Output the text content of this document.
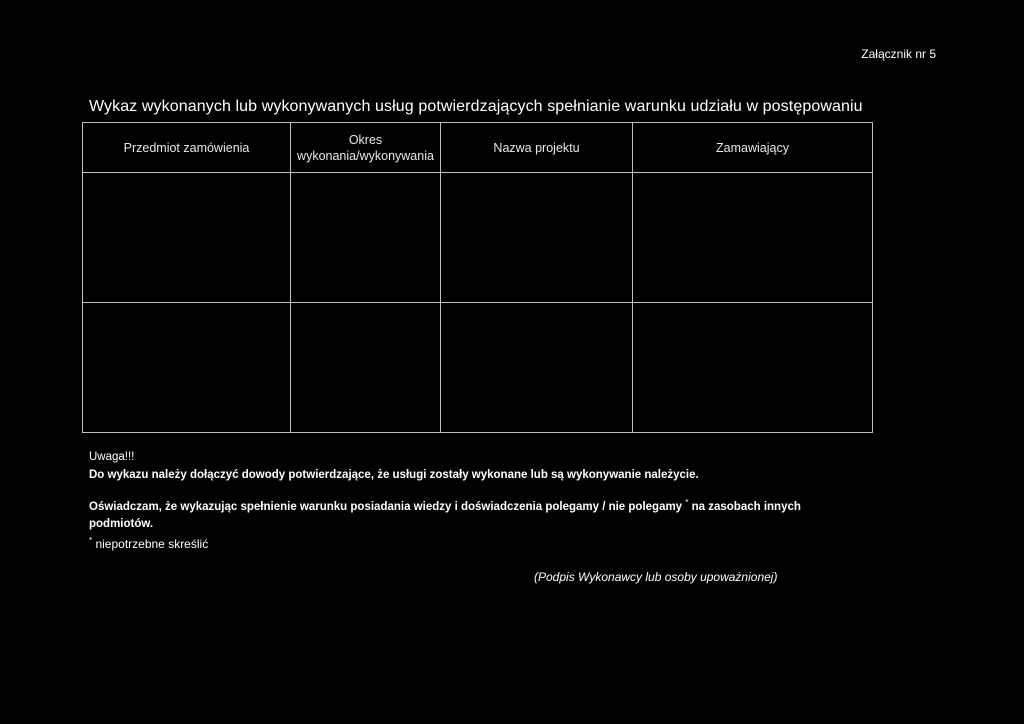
Załącznik nr 5
Wykaz wykonanych lub wykonywanych usług potwierdzających spełnianie warunku udziału w postępowaniu
Przedmiot zamówienia	Okres wykonania/wykonywania	Nazwa projektu	Zamawiający

Uwaga!!!
Do wykazu należy dołączyć dowody potwierdzające, że usługi zostały wykonane lub są wykonywanie należycie.
Oświadczam, że wykazując spełnienie warunku posiadania wiedzy i doświadczenia polegamy / nie polegamy * na zasobach innych podmiotów.
* niepotrzebne skreślić
(Podpis Wykonawcy lub osoby upoważnionej)
